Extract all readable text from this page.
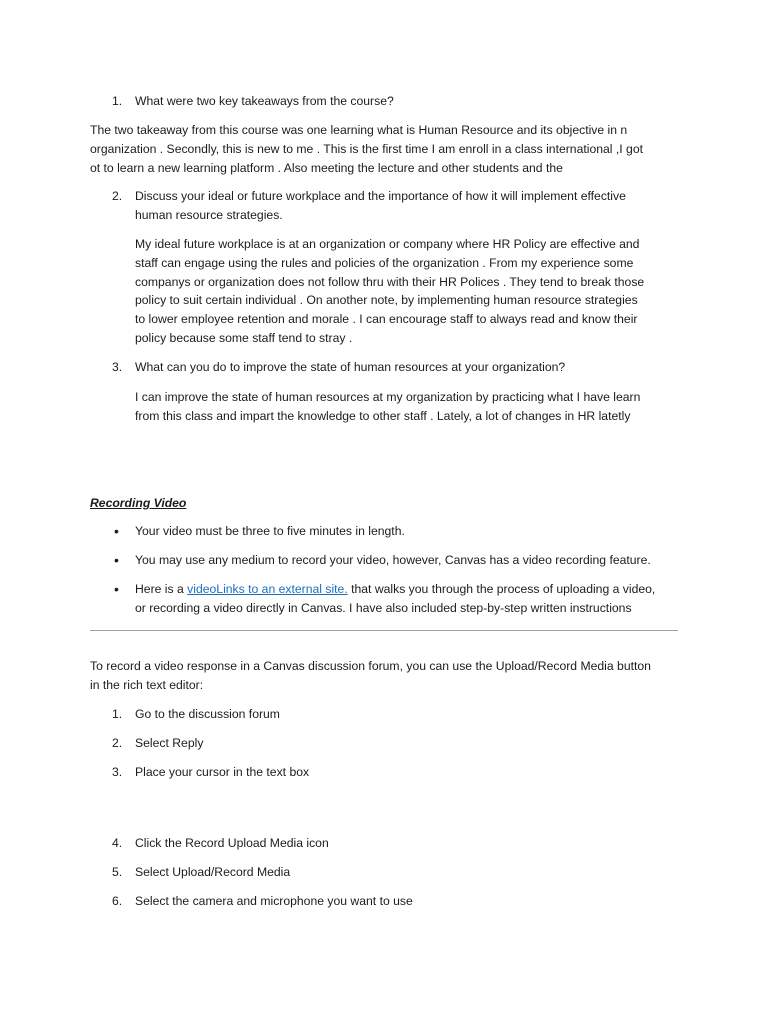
1. What were two key takeaways from the course?
The two takeaway from this course was one learning what is Human Resource and its objective in n
organization . Secondly, this is new to me . This is the first time I am enroll in a class international ,I got
ot to learn a new learning platform . Also meeting the lecture and other students and the
2. Discuss your ideal or future workplace and the importance of how it will implement effective
human resource strategies.
My ideal future workplace is at an organization or company where HR Policy are effective and
staff can engage using the rules and policies of the organization . From my experience some
companys or organization does not follow thru with their HR Polices . They tend to break those
policy to suit certain individual . On another note, by implementing human resource strategies
to lower employee retention and morale . I can encourage staff to always read and know their
policy because some staff tend to stray .
3. What can you do to improve the state of human resources at your organization?
I can improve the state of human resources at my organization by practicing what I have learn
from this class and impart the knowledge to other staff . Lately, a lot of changes in HR latetly
Recording Video
• Your video must be three to five minutes in length.
• You may use any medium to record your video, however, Canvas has a video recording feature.
• Here is a videoLinks to an external site. that walks you through the process of uploading a video,
or recording a video directly in Canvas. I have also included step-by-step written instructions
To record a video response in a Canvas discussion forum, you can use the Upload/Record Media button
in the rich text editor:
1. Go to the discussion forum
2. Select Reply
3. Place your cursor in the text box
4. Click the Record Upload Media icon
5. Select Upload/Record Media
6. Select the camera and microphone you want to use
